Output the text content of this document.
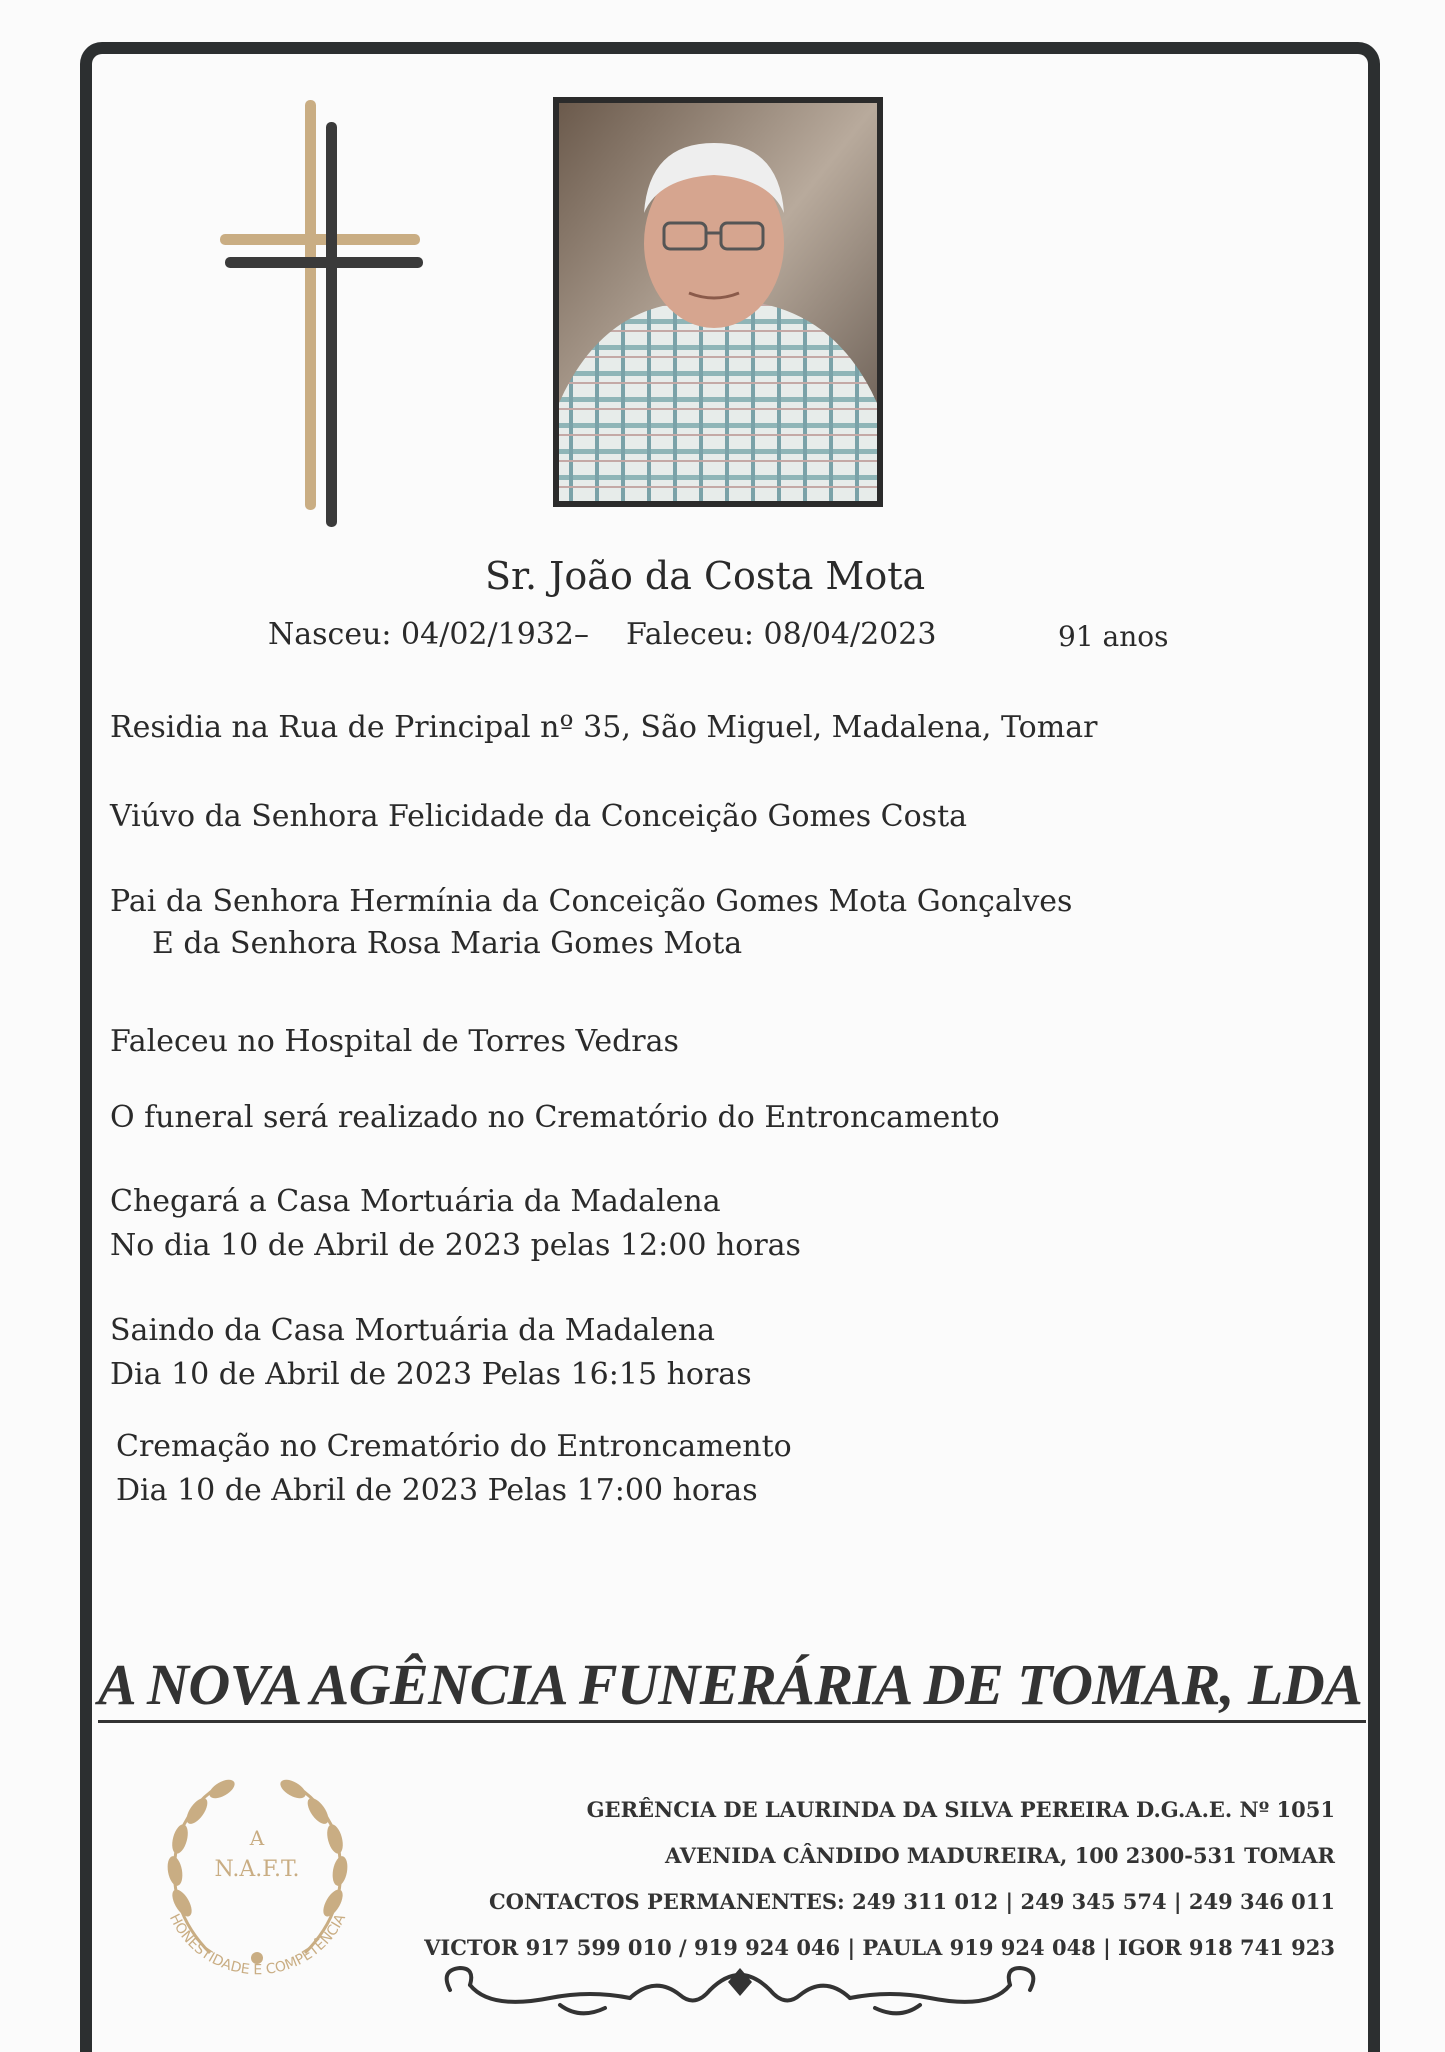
Sr. João da Costa Mota

Nasceu: 04/02/1932– Faleceu: 08/04/2023	91 anos

Residia na Rua de Principal nº 35, São Miguel, Madalena, Tomar

Viúvo da Senhora Felicidade da Conceição Gomes Costa

Pai da Senhora Hermínia da Conceição Gomes Mota Gonçalves

E da Senhora Rosa Maria Gomes Mota

Faleceu no Hospital de Torres Vedras

O funeral será realizado no Crematório do Entroncamento

Chegará a Casa Mortuária da Madalena

No dia 10 de Abril de 2023 pelas 12:00 horas

Saindo da Casa Mortuária da Madalena

Dia 10 de Abril de 2023 Pelas 16:15 horas

Cremação no Crematório do Entroncamento

Dia 10 de Abril de 2023 Pelas 17:00 horas

A NOVA AGÊNCIA FUNERÁRIA DE TOMAR, LDA
A
N.A.F.T.
HONESTIDADE E COMPETÊNCIA
GERÊNCIA DE LAURINDA DA SILVA PEREIRA D.G.A.E. Nº 1051
AVENIDA CÂNDIDO MADUREIRA, 100 2300-531 TOMAR
CONTACTOS PERMANENTES: 249 311 012 | 249 345 574 | 249 346 011
VICTOR 917 599 010 / 919 924 046 | PAULA 919 924 048 | IGOR 918 741 923
